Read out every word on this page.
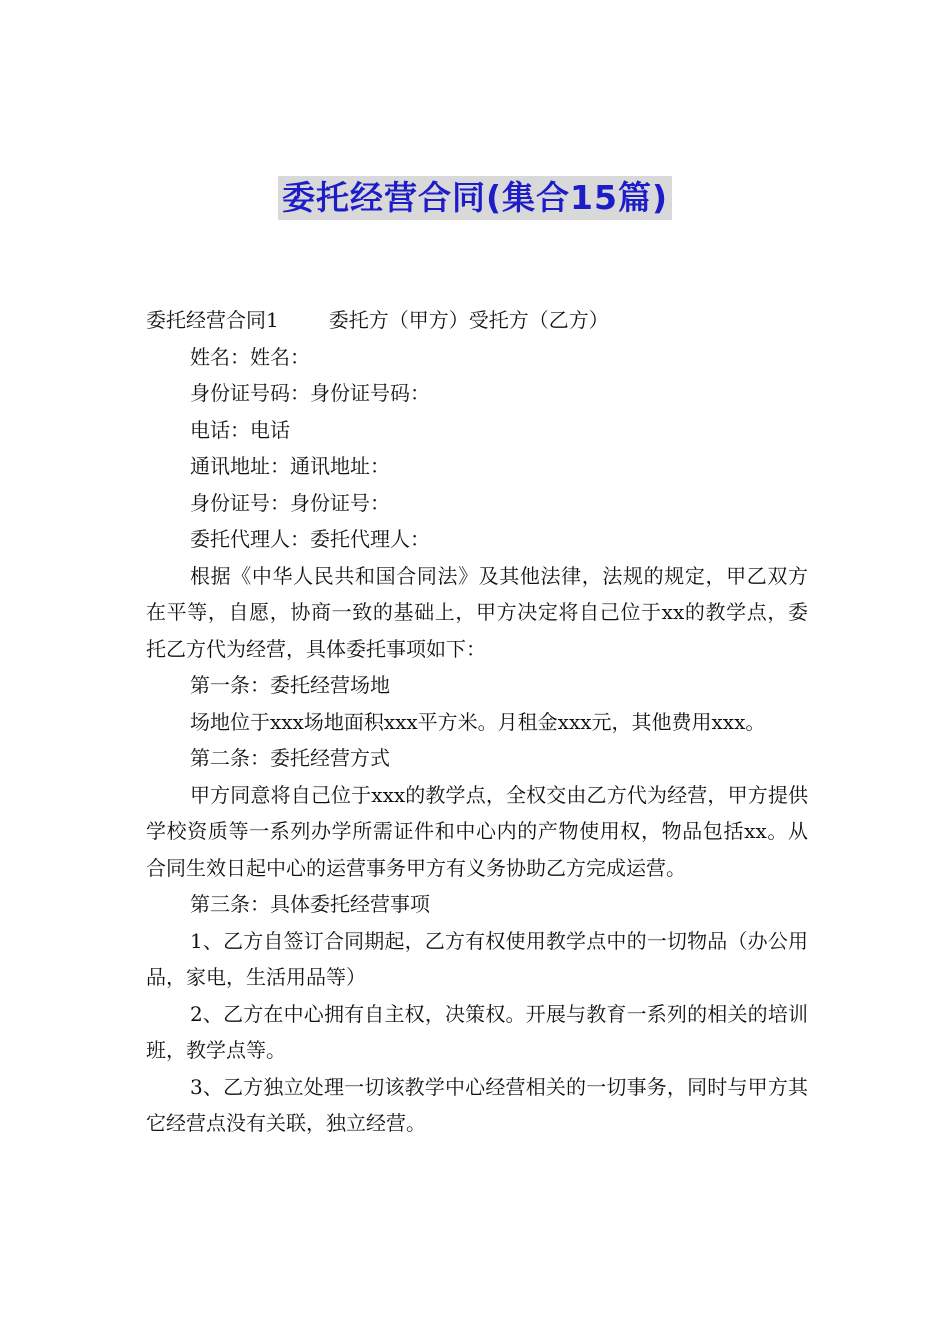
委托经营合同(集合15篇)
委托经营合同1	委托方（甲方）受托方（乙方）
姓名：姓名：
身份证号码：身份证号码：
电话：电话
通讯地址：通讯地址：
身份证号：身份证号：
委托代理人：委托代理人：
根据《中华人民共和国合同法》及其他法律，法规的规定，甲乙双方在平等，自愿，协商一致的基础上，甲方决定将自己位于xx的教学点，委托乙方代为经营，具体委托事项如下：
第一条：委托经营场地
场地位于xxx场地面积xxx平方米。月租金xxx元，其他费用xxx。
第二条：委托经营方式
甲方同意将自己位于xxx的教学点，全权交由乙方代为经营，甲方提供学校资质等一系列办学所需证件和中心内的产物使用权，物品包括xx。从合同生效日起中心的运营事务甲方有义务协助乙方完成运营。
第三条：具体委托经营事项
1、乙方自签订合同期起，乙方有权使用教学点中的一切物品（办公用品，家电，生活用品等）
2、乙方在中心拥有自主权，决策权。开展与教育一系列的相关的培训班，教学点等。
3、乙方独立处理一切该教学中心经营相关的一切事务，同时与甲方其它经营点没有关联，独立经营。
